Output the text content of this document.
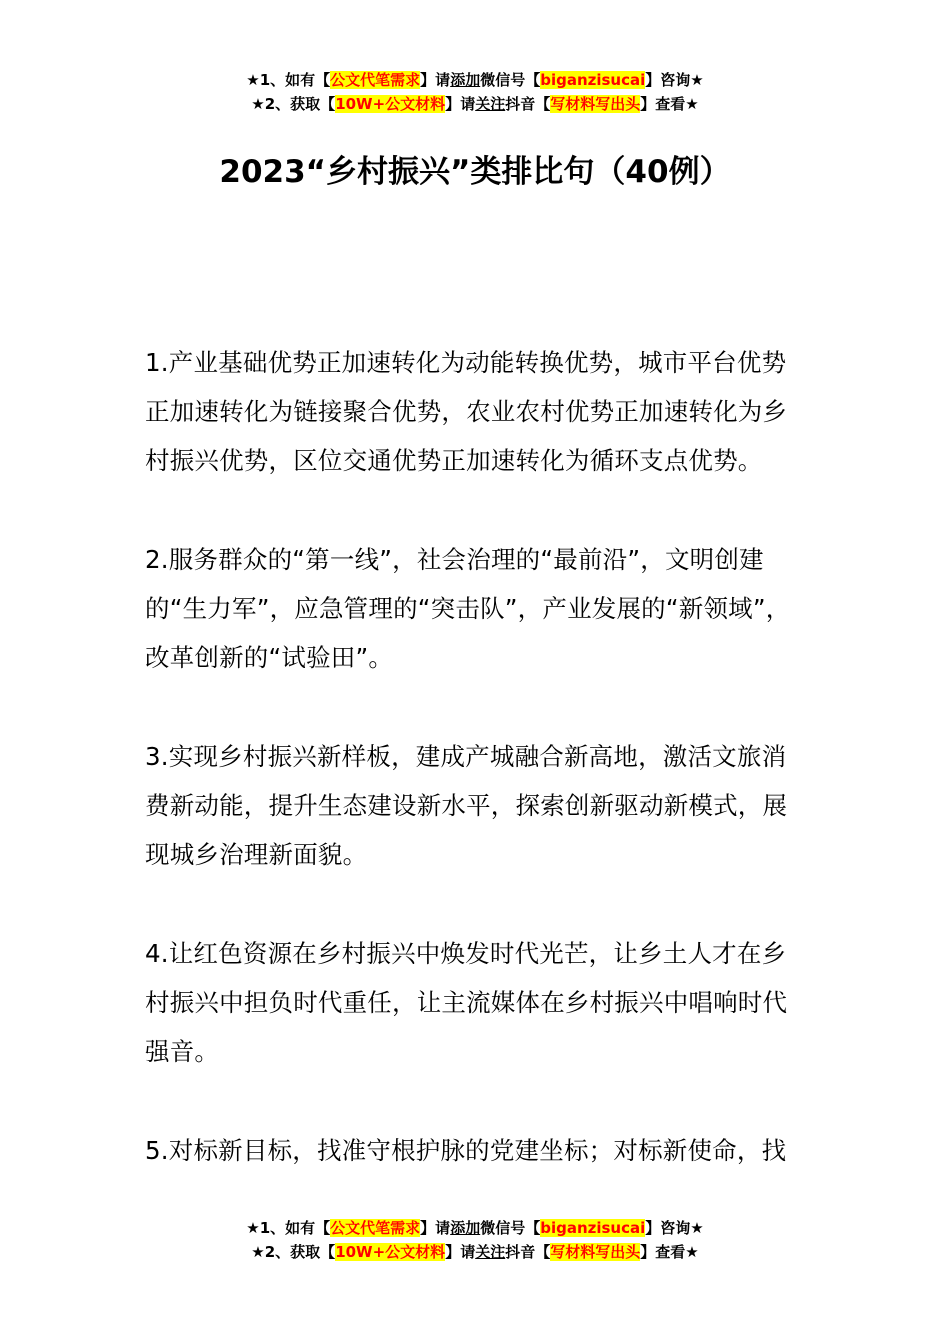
★1、如有【公文代笔需求】请添加微信号【biganzisucai】咨询★
★2、获取【10W+公文材料】请关注抖音【写材料写出头】查看★
2023“乡村振兴”类排比句（40例）

1.产业基础优势正加速转化为动能转换优势，城市平台优势正加速转化为链接聚合优势，农业农村优势正加速转化为乡村振兴优势，区位交通优势正加速转化为循环支点优势。

2.服务群众的“第一线”，社会治理的“最前沿”，文明创建的“生力军”，应急管理的“突击队”，产业发展的“新领域”，改革创新的“试验田”。

3.实现乡村振兴新样板，建成产城融合新高地，激活文旅消费新动能，提升生态建设新水平，探索创新驱动新模式，展现城乡治理新面貌。

4.让红色资源在乡村振兴中焕发时代光芒，让乡土人才在乡村振兴中担负时代重任，让主流媒体在乡村振兴中唱响时代强音。

5.对标新目标，找准守根护脉的党建坐标；对标新使命，找

★1、如有【公文代笔需求】请添加微信号【biganzisucai】咨询★
★2、获取【10W+公文材料】请关注抖音【写材料写出头】查看★
